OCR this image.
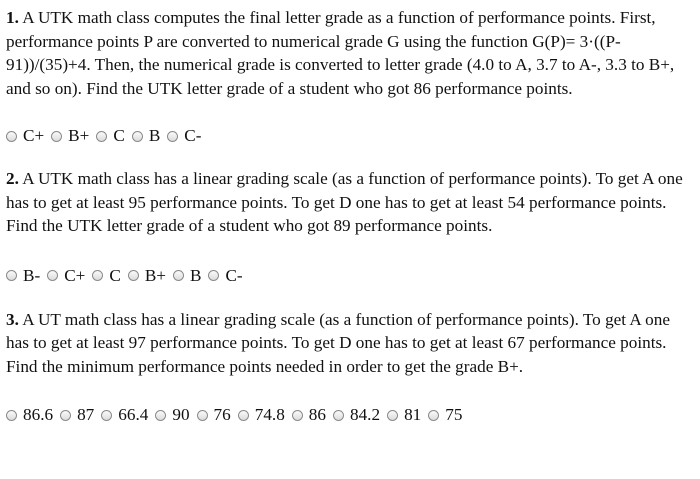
1. A UTK math class computes the final letter grade as a function of performance points. First, performance points P are converted to numerical grade G using the function G(P)= 3·((P-91))/(35)+4. Then, the numerical grade is converted to letter grade (4.0 to A, 3.7 to A-, 3.3 to B+, and so on). Find the UTK letter grade of a student who got 86 performance points.

C+ B+ C B C-

2. A UTK math class has a linear grading scale (as a function of performance points). To get A one has to get at least 95 performance points. To get D one has to get at least 54 performance points. Find the UTK letter grade of a student who got 89 performance points.

B- C+ C B+ B C-

3. A UT math class has a linear grading scale (as a function of performance points). To get A one has to get at least 97 performance points. To get D one has to get at least 67 performance points. Find the minimum performance points needed in order to get the grade B+.

86.6 87 66.4 90 76 74.8 86 84.2 81 75
